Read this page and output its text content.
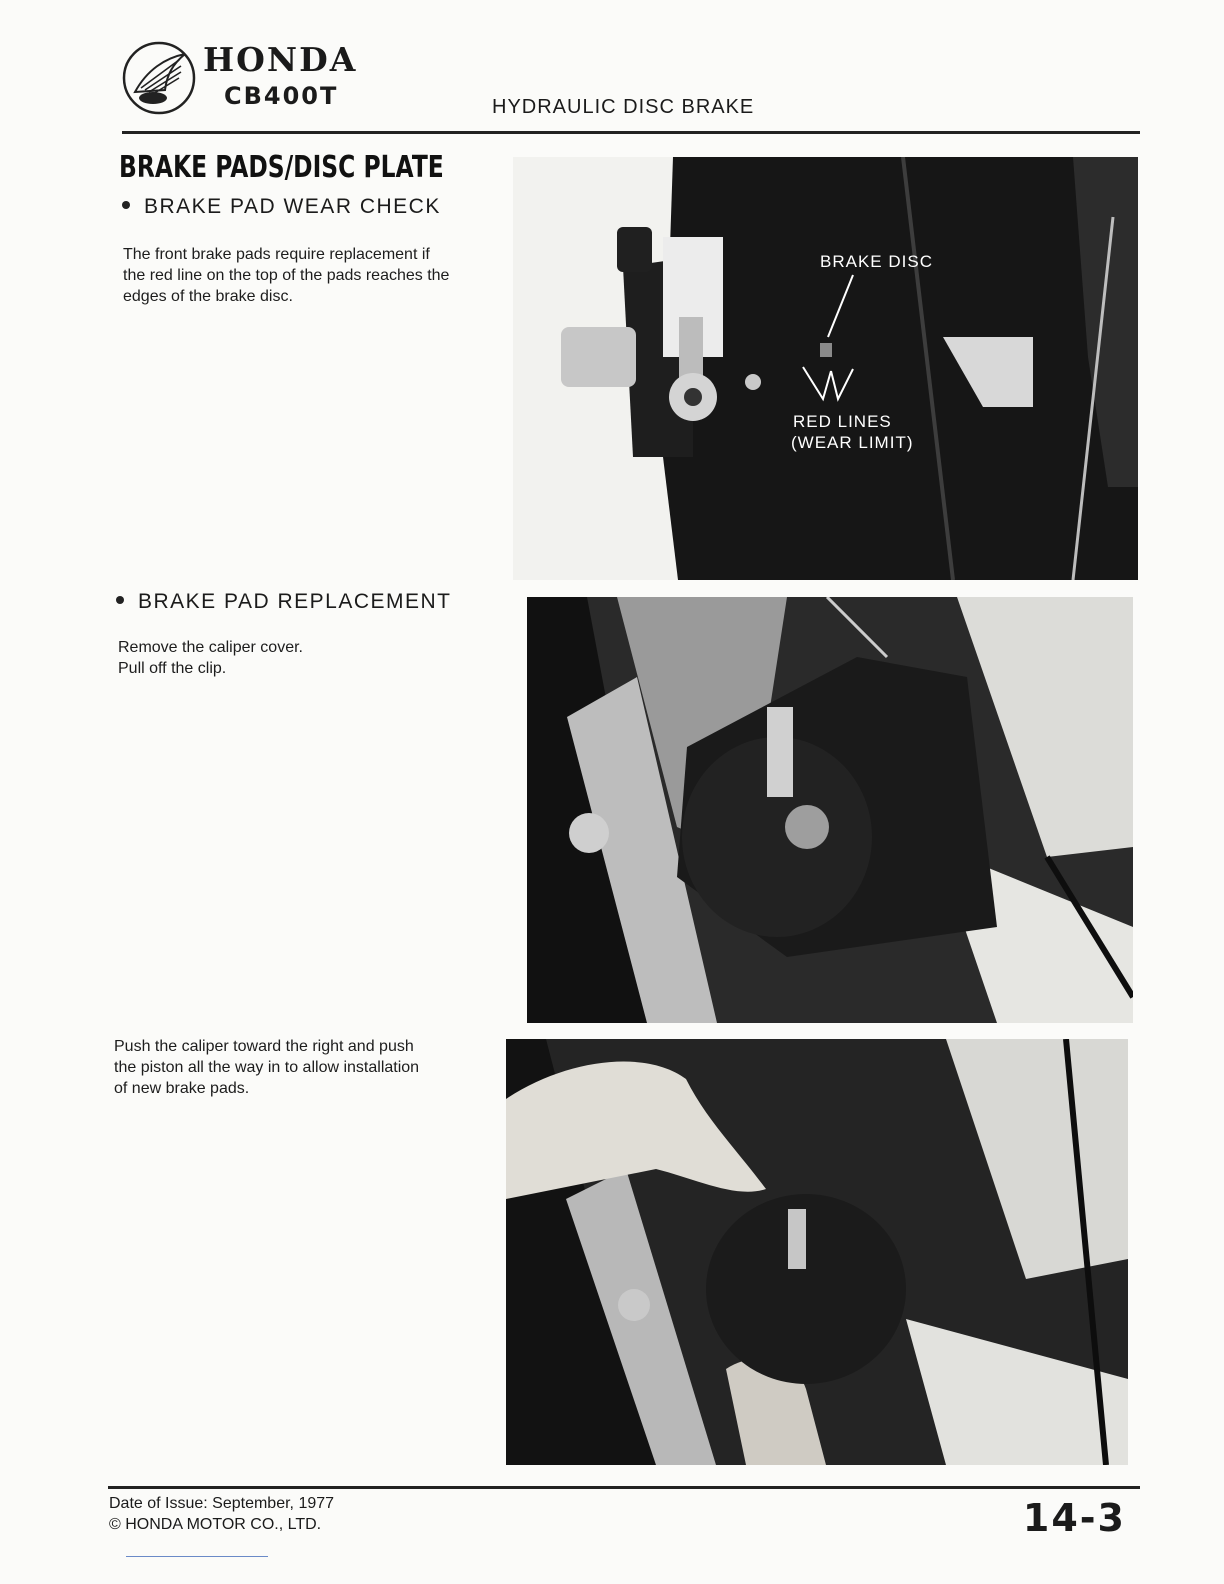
HONDA
CB400T	HYDRAULIC DISC BRAKE
BRAKE PADS/DISC PLATE
BRAKE PAD WEAR CHECK
The front brake pads require replacement if
the red line on the top of the pads reaches the
edges of the brake disc.
BRAKE DISC
RED LINES
(WEAR LIMIT)
BRAKE PAD REPLACEMENT
Remove the caliper cover.
Pull off the clip.
Push the caliper toward the right and push
the piston all the way in to allow installation
of new brake pads.
Date of Issue: September, 1977
© HONDA MOTOR CO., LTD.	14-3
